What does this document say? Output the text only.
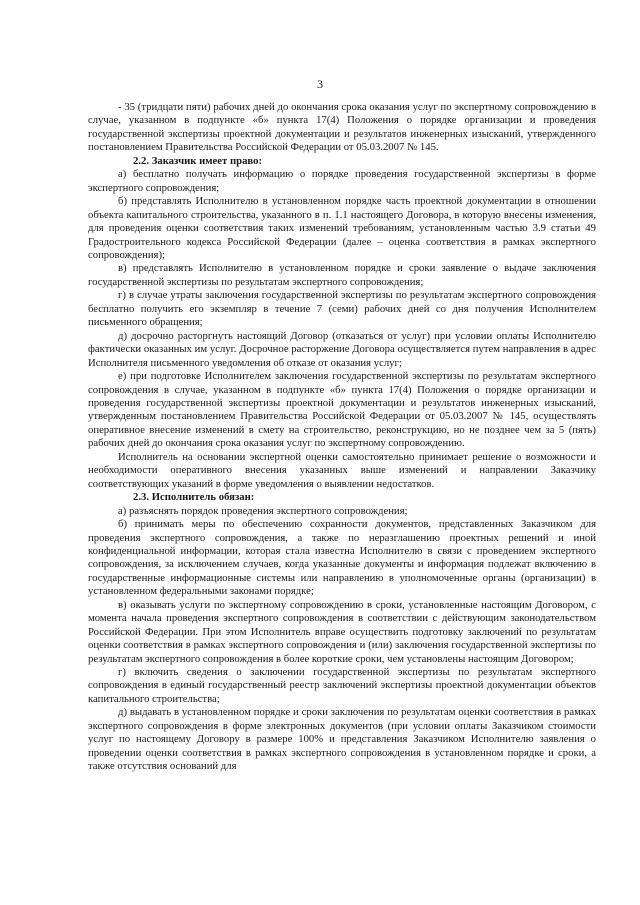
3

- 35 (тридцати пяти) рабочих дней до окончания срока оказания услуг по экспертному сопровождению в случае, указанном в подпункте «б» пункта 17(4) Положения о порядке организации и проведения государственной экспертизы проектной документации и результатов инженерных изысканий, утвержденного постановлением Правительства Российской Федерации от 05.03.2007 № 145.

2.2. Заказчик имеет право:

а) бесплатно получать информацию о порядке проведения государственной экспертизы в форме экспертного сопровождения;

б) представлять Исполнителю в установленном порядке часть проектной документации в отношении объекта капитального строительства, указанного в п. 1.1 настоящего Договора, в которую внесены изменения, для проведения оценки соответствия таких изменений требованиям, установленным частью 3.9 статьи 49 Градостроительного кодекса Российской Федерации (далее – оценка соответствия в рамках экспертного сопровождения);

в) представлять Исполнителю в установленном порядке и сроки заявление о выдаче заключения государственной экспертизы по результатам экспертного сопровождения;

г) в случае утраты заключения государственной экспертизы по результатам экспертного сопровождения бесплатно получить его экземпляр в течение 7 (семи) рабочих дней со дня получения Исполнителем письменного обращения;

д) досрочно расторгнуть настоящий Договор (отказаться от услуг) при условии оплаты Исполнителю фактически оказанных им услуг. Досрочное расторжение Договора осуществляется путем направления в адрес Исполнителя письменного уведомления об отказе от оказания услуг;

е) при подготовке Исполнителем заключения государственной экспертизы по результатам экспертного сопровождения в случае, указанном в подпункте «б» пункта 17(4) Положения о порядке организации и проведения государственной экспертизы проектной документации и результатов инженерных изысканий, утвержденным постановлением Правительства Российской Федерации от 05.03.2007 № 145, осуществлять оперативное внесение изменений в смету на строительство, реконструкцию, но не позднее чем за 5 (пять) рабочих дней до окончания срока оказания услуг по экспертному сопровождению.

Исполнитель на основании экспертной оценки самостоятельно принимает решение о возможности и необходимости оперативного внесения указанных выше изменений и направлении Заказчику соответствующих указаний в форме уведомления о выявлении недостатков.

2.3. Исполнитель обязан:

а) разъяснять порядок проведения экспертного сопровождения;

б) принимать меры по обеспечению сохранности документов, представленных Заказчиком для проведения экспертного сопровождения, а также по неразглашению проектных решений и иной конфиденциальной информации, которая стала известна Исполнителю в связи с проведением экспертного сопровождения, за исключением случаев, когда указанные документы и информация подлежат включению в государственные информационные системы или направлению в уполномоченные органы (организации) в установленном федеральными законами порядке;

в) оказывать услуги по экспертному сопровождению в сроки, установленные настоящим Договором, с момента начала проведения экспертного сопровождения в соответствии с действующим законодательством Российской Федерации. При этом Исполнитель вправе осуществить подготовку заключений по результатам оценки соответствия в рамках экспертного сопровождения и (или) заключения государственной экспертизы по результатам экспертного сопровождения в более короткие сроки, чем установлены настоящим Договором;

г) включить сведения о заключении государственной экспертизы по результатам экспертного сопровождения в единый государственный реестр заключений экспертизы проектной документации объектов капитального строительства;

д) выдавать в установленном порядке и сроки заключения по результатам оценки соответствия в рамках экспертного сопровождения в форме электронных документов (при условии оплаты Заказчиком стоимости услуг по настоящему Договору в размере 100% и представления Заказчиком Исполнителю заявления о проведении оценки соответствия в рамках экспертного сопровождения в установленном порядке и сроки, а также отсутствия оснований для
